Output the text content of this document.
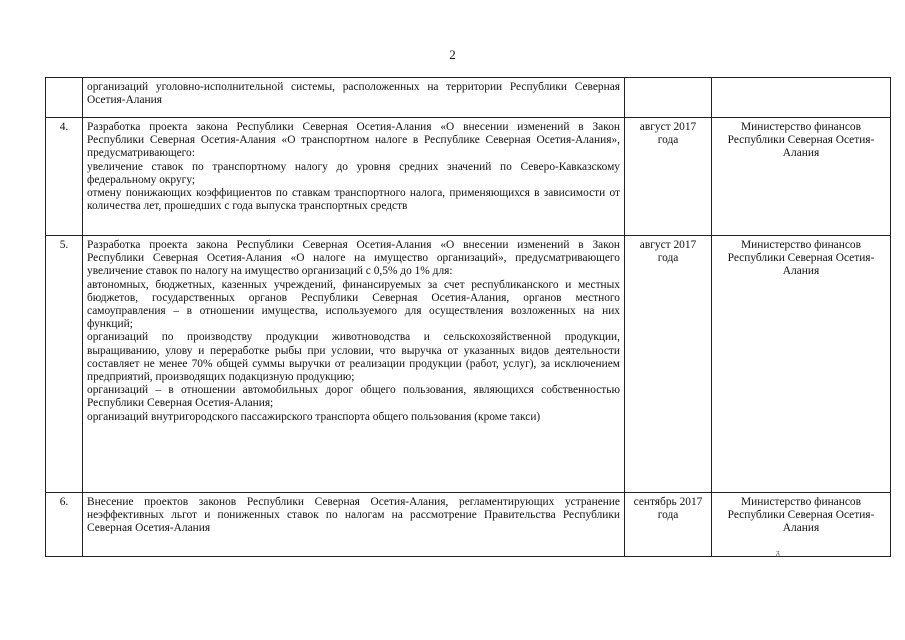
2

	организаций уголовно-исполнительной системы, расположенных на территории Республики Северная Осетия-Алания		

4.	Разработка проекта закона Республики Северная Осетия-Алания «О внесении изменений в Закон Республики Северная Осетия-Алания «О транспортном налоге в Республике Северная Осетия-Алания», предусматривающего:
увеличение ставок по транспортному налогу до уровня средних значений по Северо-Кавказскому федеральному округу;
отмену понижающих коэффициентов по ставкам транспортного налога, применяющихся в зависимости от количества лет, прошедших с года выпуска транспортных средств	август 2017 года	Министерство финансов Республики Северная Осетия-Алания
5.	Разработка проекта закона Республики Северная Осетия-Алания «О внесении изменений в Закон Республики Северная Осетия-Алания «О налоге на имущество организаций», предусматривающего увеличение ставок по налогу на имущество организаций с 0,5% до 1% для:
автономных, бюджетных, казенных учреждений, финансируемых за счет республиканского и местных бюджетов, государственных органов Республики Северная Осетия-Алания, органов местного самоуправления – в отношении имущества, используемого для осуществления возложенных на них функций;
организаций по производству продукции животноводства и сельскохозяйственной продукции, выращиванию, улову и переработке рыбы при условии, что выручка от указанных видов деятельности составляет не менее 70% общей суммы выручки от реализации продукции (работ, услуг), за исключением предприятий, производящих подакцизную продукцию;
организаций – в отношении автомобильных дорог общего пользования, являющихся собственностью Республики Северная Осетия-Алания;
организаций внутригородского пассажирского транспорта общего пользования (кроме такси)	август 2017 года	Министерство финансов Республики Северная Осетия-Алания
6.	Внесение проектов законов Республики Северная Осетия-Алания, регламентирующих устранение неэффективных льгот и пониженных ставок по налогам на рассмотрение Правительства Республики Северная Осетия-Алания	сентябрь 2017 года	Министерство финансов Республики Северная Осетия-Алания
ᵹ
